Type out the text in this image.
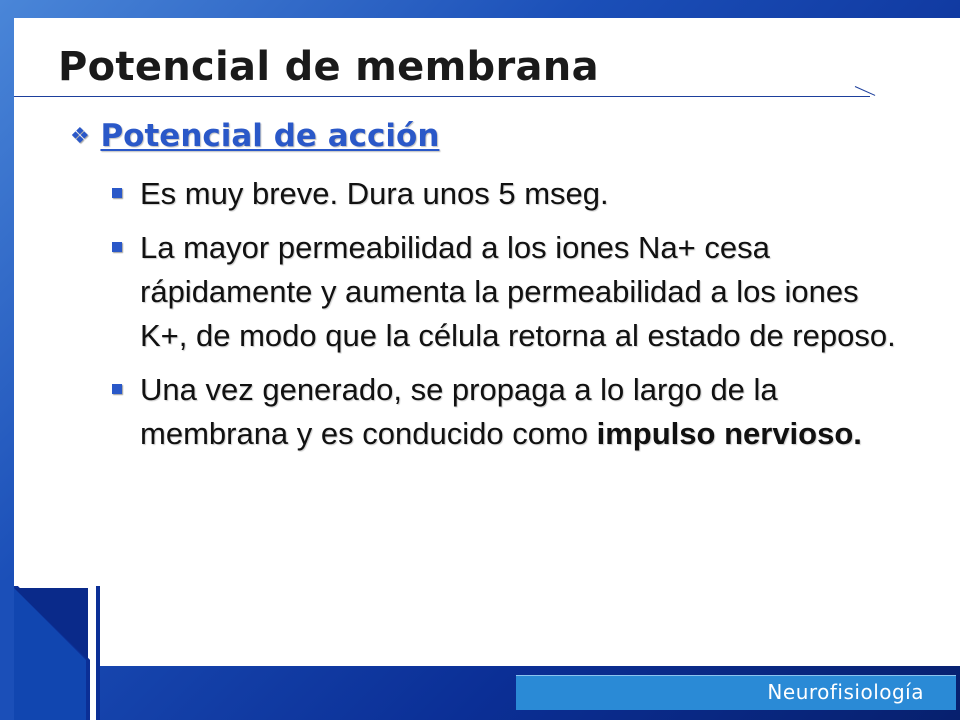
Potencial de membrana
❖ Potencial de acción
Es muy breve. Dura unos 5 mseg.
La mayor permeabilidad a los iones Na+ cesa rápidamente y aumenta la permeabilidad a los iones K+, de modo que la célula retorna al estado de reposo.
Una vez generado, se propaga a lo largo de la membrana y es conducido como impulso nervioso.
Neurofisiología
